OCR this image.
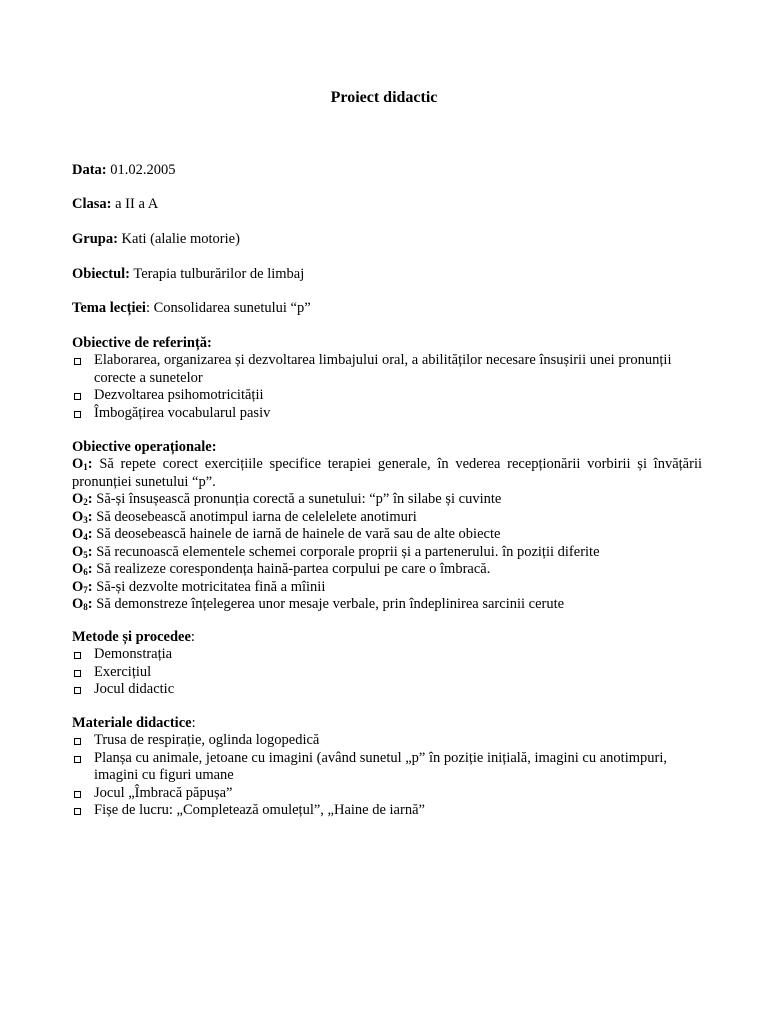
Proiect didactic
Data: 01.02.2005
Clasa: a II a A
Grupa: Kati (alalie motorie)
Obiectul: Terapia tulburărilor de limbaj
Tema lecției: Consolidarea sunetului “p”
Obiective de referință:
Elaborarea, organizarea și dezvoltarea limbajului oral, a abilităților necesare însușirii unei pronunții corecte a sunetelor
Dezvoltarea psihomotricității
Îmbogățirea vocabularul pasiv
Obiective operaționale:
$O_1$: Să repete corect exercițiile specifice terapiei generale, în vederea recepționării vorbirii și învățării pronunției sunetului “p”.
$O_2$: Să-și însușească pronunția corectă a sunetului: “p” în silabe și cuvinte
$O_3$: Să deosebească anotimpul iarna de celelelete anotimuri
$O_4$: Să deosebească hainele de iarnă de hainele de vară sau de alte obiecte
$O_5$: Să recunoască elementele schemei corporale proprii și a partenerului. în poziții diferite
$O_6$: Să realizeze corespondența haină-partea corpului pe care o îmbracă.
$O_7$: Să-și dezvolte motricitatea fină a mîinii
$O_8$: Să demonstreze înțelegerea unor mesaje verbale, prin îndeplinirea sarcinii cerute
Metode și procedee:
Demonstrația
Exercițiul
Jocul didactic
Materiale didactice:
Trusa de respirație, oglinda logopedică
Planșa cu animale, jetoane cu imagini (având sunetul „p” în poziție inițială, imagini cu anotimpuri, imagini cu figuri umane
Jocul „Îmbracă păpușa”
Fișe de lucru: „Completează omulețul”, „Haine de iarnă”
